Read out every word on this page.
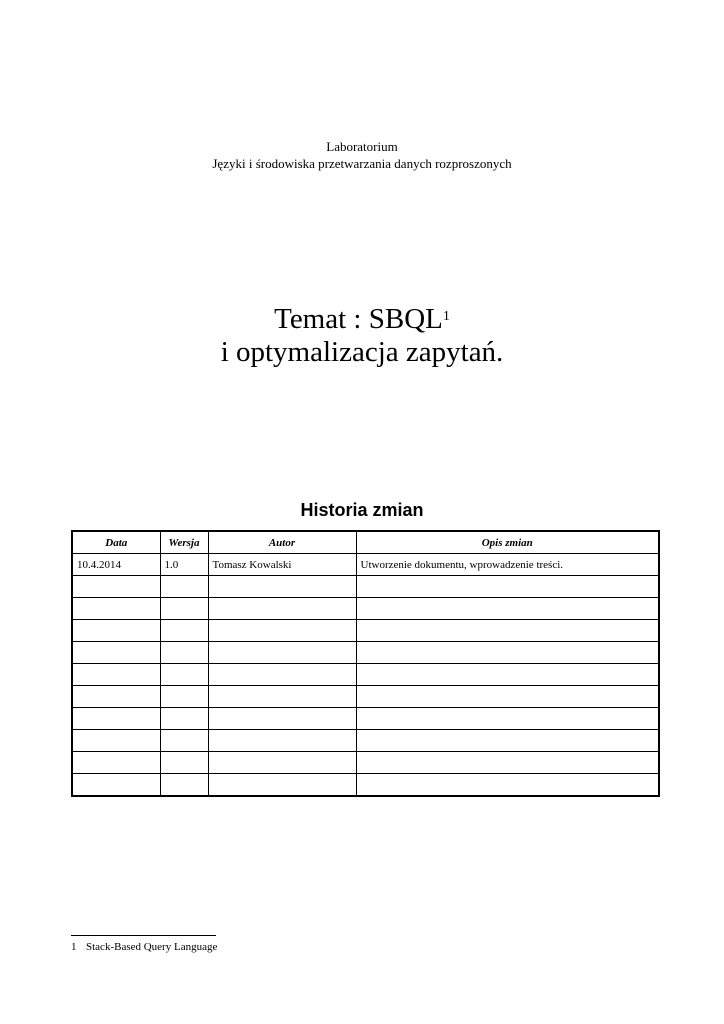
Laboratorium
Języki i środowiska przetwarzania danych rozproszonych
Temat : SBQL$^1$
i optymalizacja zapytań.
Historia zmian
Data	Wersja	Autor	Opis zmian
10.4.2014	1.0	Tomasz Kowalski	Utworzenie dokumentu, wprowadzenie treści.

1 Stack-Based Query Language
